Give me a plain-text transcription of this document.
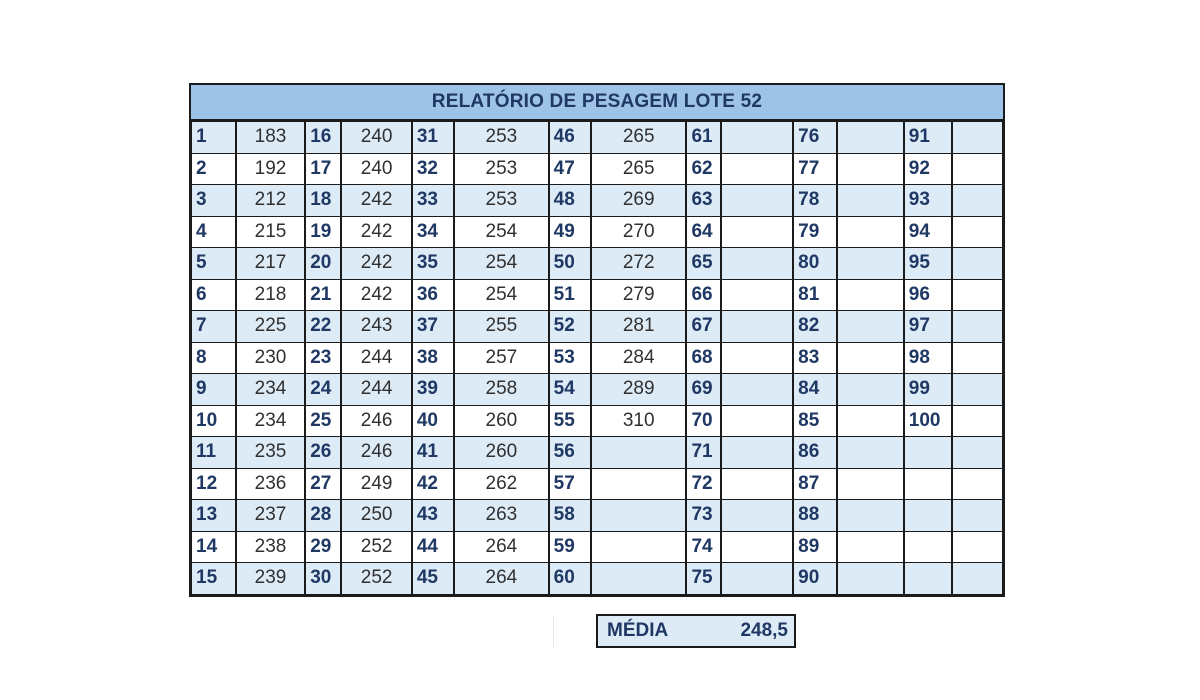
RELATÓRIO DE PESAGEM LOTE 52
1	183	16	240	31	253	46	265	61		76		91	
2	192	17	240	32	253	47	265	62		77		92	
3	212	18	242	33	253	48	269	63		78		93	
4	215	19	242	34	254	49	270	64		79		94	
5	217	20	242	35	254	50	272	65		80		95	
6	218	21	242	36	254	51	279	66		81		96	
7	225	22	243	37	255	52	281	67		82		97	
8	230	23	244	38	257	53	284	68		83		98	
9	234	24	244	39	258	54	289	69		84		99	
10	234	25	246	40	260	55	310	70		85		100	
11	235	26	246	41	260	56		71		86			
12	236	27	249	42	262	57		72		87			
13	237	28	250	43	263	58		73		88			
14	238	29	252	44	264	59		74		89			
15	239	30	252	45	264	60		75		90			
MÉDIA	248,5
